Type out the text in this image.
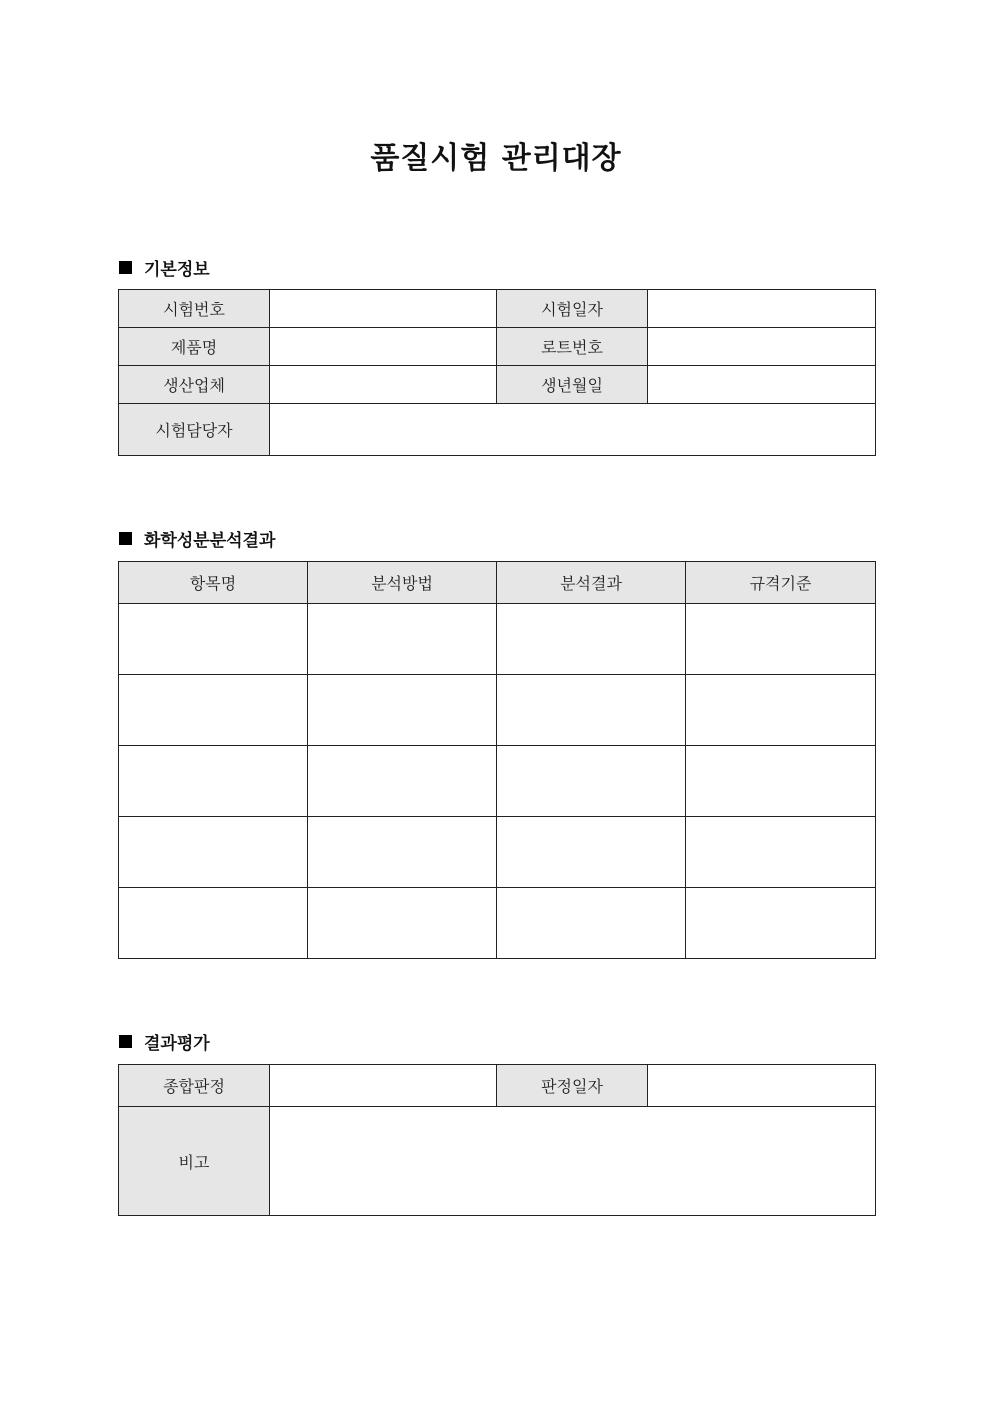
품질시험 관리대장
기본정보
시험번호		시험일자	
제품명		로트번호	
생산업체		생년월일	
시험담당자			
화학성분분석결과
항목명	분석방법	분석결과	규격기준

결과평가
종합판정		판정일자	
비고			
